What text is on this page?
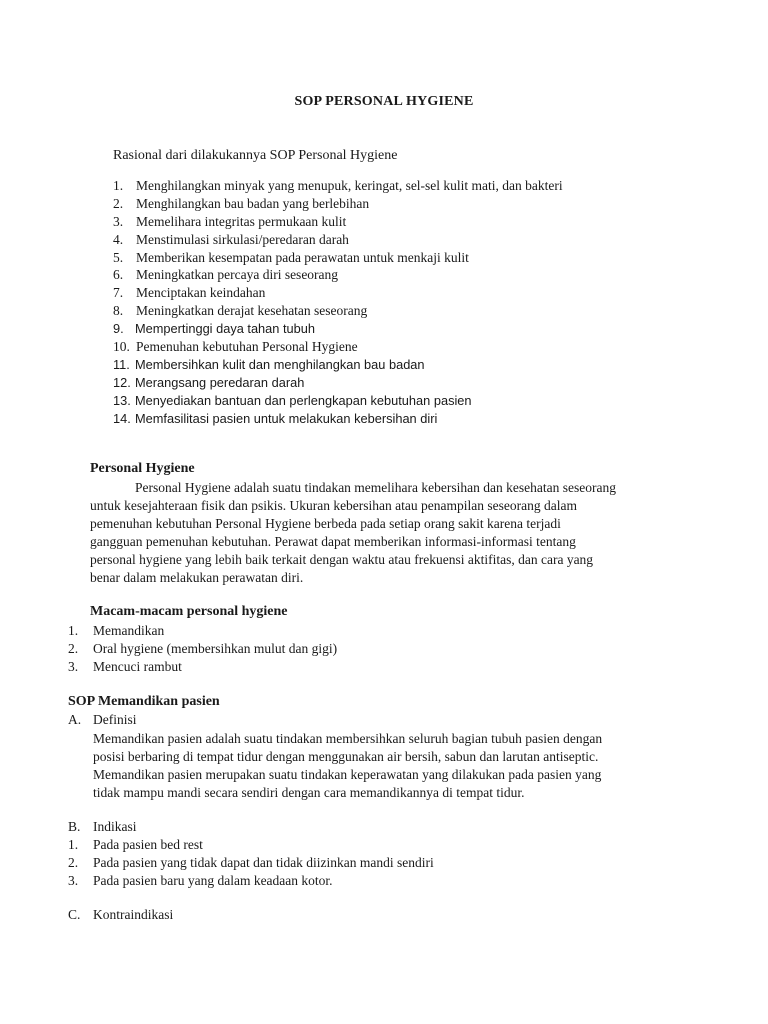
SOP PERSONAL HYGIENE
Rasional dari dilakukannya SOP Personal Hygiene
1. Menghilangkan minyak yang menupuk, keringat, sel-sel kulit mati, dan bakteri
2. Menghilangkan bau badan yang berlebihan
3. Memelihara integritas permukaan kulit
4. Menstimulasi sirkulasi/peredaran darah
5. Memberikan kesempatan pada perawatan untuk menkaji kulit
6. Meningkatkan percaya diri seseorang
7. Menciptakan keindahan
8. Meningkatkan derajat kesehatan seseorang
9. Mempertinggi daya tahan tubuh
10. Pemenuhan kebutuhan Personal Hygiene
11. Membersihkan kulit dan menghilangkan bau badan
12. Merangsang peredaran darah
13. Menyediakan bantuan dan perlengkapan kebutuhan pasien
14. Memfasilitasi pasien untuk melakukan kebersihan diri
Personal Hygiene

Personal Hygiene adalah suatu tindakan memelihara kebersihan dan kesehatan seseorang

untuk kesejahteraan fisik dan psikis. Ukuran kebersihan atau penampilan seseorang dalam

pemenuhan kebutuhan Personal Hygiene berbeda pada setiap orang sakit karena terjadi

gangguan pemenuhan kebutuhan. Perawat dapat memberikan informasi-informasi tentang

personal hygiene yang lebih baik terkait dengan waktu atau frekuensi aktifitas, dan cara yang

benar dalam melakukan perawatan diri.

Macam-macam personal hygiene
1. Memandikan
2. Oral hygiene (membersihkan mulut dan gigi)
3. Mencuci rambut
SOP Memandikan pasien
A. Definisi

Memandikan pasien adalah suatu tindakan membersihkan seluruh bagian tubuh pasien dengan

posisi berbaring di tempat tidur dengan menggunakan air bersih, sabun dan larutan antiseptic.

Memandikan pasien merupakan suatu tindakan keperawatan yang dilakukan pada pasien yang

tidak mampu mandi secara sendiri dengan cara memandikannya di tempat tidur.

B. Indikasi
1. Pada pasien bed rest
2. Pada pasien yang tidak dapat dan tidak diizinkan mandi sendiri
3. Pada pasien baru yang dalam keadaan kotor.
C. Kontraindikasi
